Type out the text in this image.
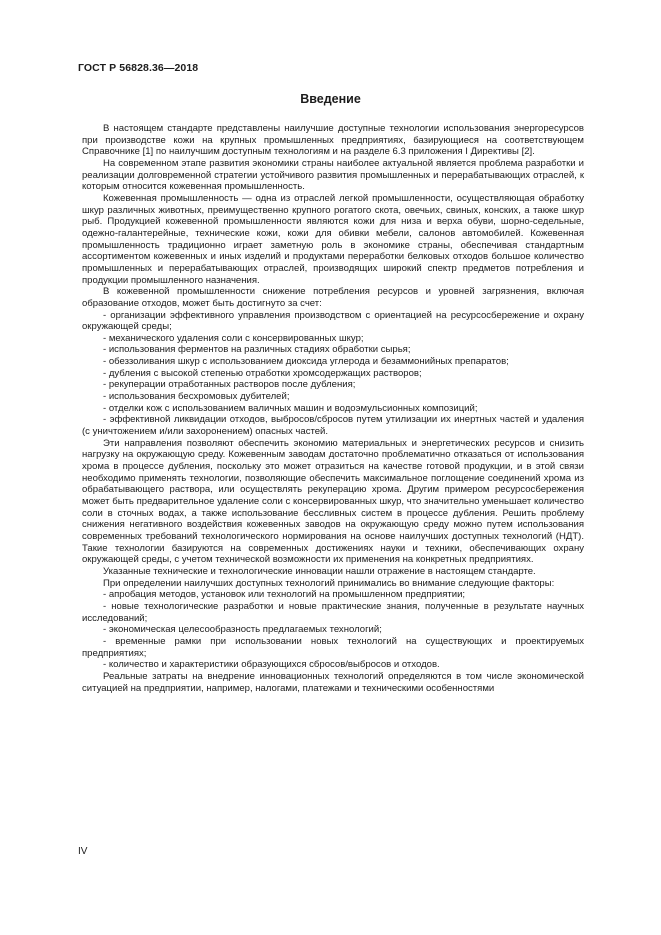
ГОСТ Р 56828.36—2018
Введение

В настоящем стандарте представлены наилучшие доступные технологии использования энергоресурсов при производстве кожи на крупных промышленных предприятиях, базирующиеся на соответствующем Справочнике [1] по наилучшим доступным технологиям и на разделе 6.3 приложения I Директивы [2].

На современном этапе развития экономики страны наиболее актуальной является проблема разработки и реализации долговременной стратегии устойчивого развития промышленных и перерабатывающих отраслей, к которым относится кожевенная промышленность.

Кожевенная промышленность — одна из отраслей легкой промышленности, осуществляющая обработку шкур различных животных, преимущественно крупного рогатого скота, овечьих, свиных, конских, а также шкур рыб. Продукцией кожевенной промышленности являются кожи для низа и верха обуви, шорно-седельные, одежно-галантерейные, технические кожи, кожи для обивки мебели, салонов автомобилей. Кожевенная промышленность традиционно играет заметную роль в экономике страны, обеспечивая стандартным ассортиментом кожевенных и иных изделий и продуктами переработки белковых отходов большое количество промышленных и перерабатывающих отраслей, производящих широкий спектр предметов потребления и продукции промышленного назначения.

В кожевенной промышленности снижение потребления ресурсов и уровней загрязнения, включая образование отходов, может быть достигнуто за счет:

- организации эффективного управления производством с ориентацией на ресурсосбережение и охрану окружающей среды;

- механического удаления соли с консервированных шкур;

- использования ферментов на различных стадиях обработки сырья;

- обеззоливания шкур с использованием диоксида углерода и безаммонийных препаратов;

- дубления с высокой степенью отработки хромсодержащих растворов;

- рекуперации отработанных растворов после дубления;

- использования бесхромовых дубителей;

- отделки кож с использованием валичных машин и водоэмульсионных композиций;

- эффективной ликвидации отходов, выбросов/сбросов путем утилизации их инертных частей и удаления (с уничтожением и/или захоронением) опасных частей.

Эти направления позволяют обеспечить экономию материальных и энергетических ресурсов и снизить нагрузку на окружающую среду. Кожевенным заводам достаточно проблематично отказаться от использования хрома в процессе дубления, поскольку это может отразиться на качестве готовой продукции, и в этой связи необходимо применять технологии, позволяющие обеспечить максимальное поглощение соединений хрома из обрабатывающего раствора, или осуществлять рекуперацию хрома. Другим примером ресурсосбережения может быть предварительное удаление соли с консервированных шкур, что значительно уменьшает количество соли в сточных водах, а также использование бессливных систем в процессе дубления. Решить проблему снижения негативного воздействия кожевенных заводов на окружающую среду можно путем использования современных требований технологического нормирования на основе наилучших доступных технологий (НДТ). Такие технологии базируются на современных достижениях науки и техники, обеспечивающих охрану окружающей среды, с учетом технической возможности их применения на конкретных предприятиях.

Указанные технические и технологические инновации нашли отражение в настоящем стандарте.

При определении наилучших доступных технологий принимались во внимание следующие факторы:

- апробация методов, установок или технологий на промышленном предприятии;

- новые технологические разработки и новые практические знания, полученные в результате научных исследований;

- экономическая целесообразность предлагаемых технологий;

- временные рамки при использовании новых технологий на существующих и проектируемых предприятиях;

- количество и характеристики образующихся сбросов/выбросов и отходов.

Реальные затраты на внедрение инновационных технологий определяются в том числе экономической ситуацией на предприятии, например, налогами, платежами и техническими особенностями

IV
